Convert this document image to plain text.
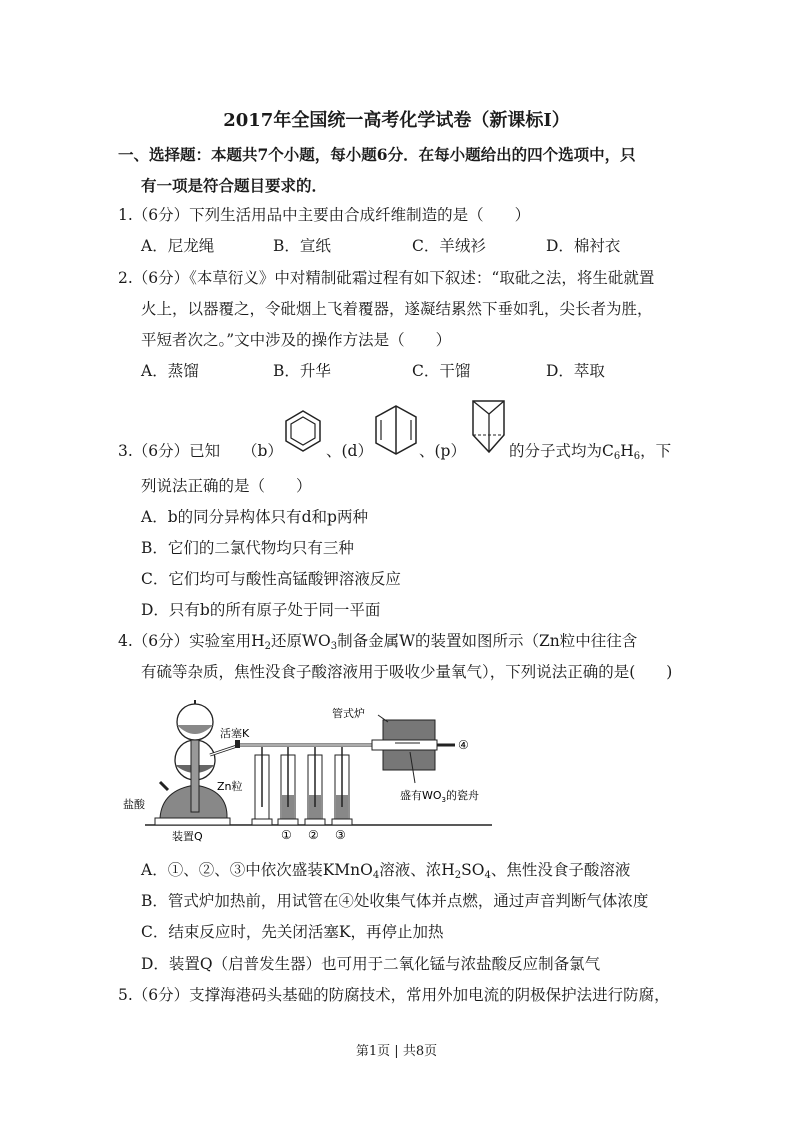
2017年全国统一高考化学试卷（新课标I）
一、选择题：本题共7个小题，每小题6分．在每小题给出的四个选项中，只
有一项是符合题目要求的．
1.（6分）下列生活用品中主要由合成纤维制造的是（　　）
A．尼龙绳	B．宣纸	C．羊绒衫	D．棉衬衣
2.（6分）《本草衍义》中对精制砒霜过程有如下叙述：“取砒之法，将生砒就置
火上，以器覆之，令砒烟上飞着覆器，遂凝结累然下垂如乳，尖长者为胜，
平短者次之。”文中涉及的操作方法是（　　）
A．蒸馏	B．升华	C．干馏	D．萃取
3.（6分）已知 （b）	、(d）	、(p）	的分子式均为$C_6H_6$，下
列说法正确的是（　　）
A．b的同分异构体只有d和p两种
B．它们的二氯代物均只有三种
C．它们均可与酸性高锰酸钾溶液反应
D．只有b的所有原子处于同一平面
4.（6分）实验室用$H_2$还原$WO_3$制备金属W的装置如图所示（Zn粒中往往含
有硫等杂质，焦性没食子酸溶液用于吸收少量氧气），下列说法正确的是(　　)
管式炉
活塞K
Zn粒
盐酸
装置Q
盛有$WO_3$的瓷舟
① ② ③
④
A．①、②、③中依次盛装KMnO$_4$溶液、浓$H_2SO_4$、焦性没食子酸溶液
B．管式炉加热前，用试管在④处收集气体并点燃，通过声音判断气体浓度
C．结束反应时，先关闭活塞K，再停止加热
D．装置Q（启普发生器）也可用于二氧化锰与浓盐酸反应制备氯气
5.（6分）支撑海港码头基础的防腐技术，常用外加电流的阴极保护法进行防腐，
第1页 | 共8页
